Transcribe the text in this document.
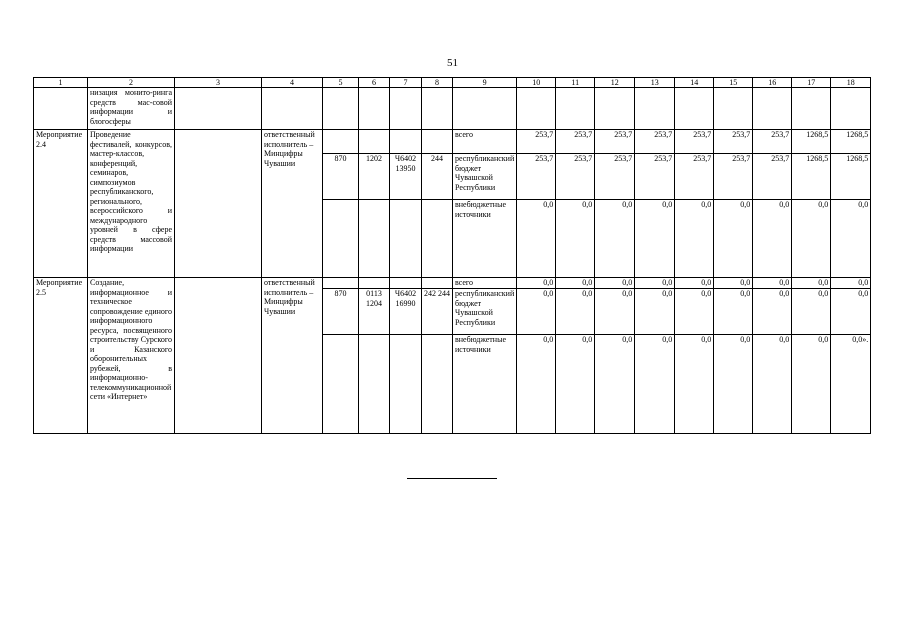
51
1	2	3	4	5	6	7	8	9	10	11	12	13	14	15	16	17	18
	низация монито-ринга средств мас-совой информации и блогосферы																
Мероприятие 2.4	Проведение фестивалей, конкурсов, мастер-классов, конференций, семинаров, симпозиумов республиканского, регионального, всероссийского и международного уровней в сфере средств массовой информации		ответственный исполнитель – Минцифры Чувашии					всего	253,7	253,7	253,7	253,7	253,7	253,7	253,7	1268,5	1268,5
				870	1202	Ч6402 13950	244	республиканский бюджет Чувашской Республики	253,7	253,7	253,7	253,7	253,7	253,7	253,7	1268,5	1268,5
								внебюджетные источники	0,0	0,0	0,0	0,0	0,0	0,0	0,0	0,0	0,0
Мероприятие 2.5	Создание, информационное и техническое сопровождение единого информационного ресурса, посвященного строительству Сурского и Казанского оборонительных рубежей, в информационно-телекоммуникационной сети «Интернет»		ответственный исполнитель – Минцифры Чувашии					всего	0,0	0,0	0,0	0,0	0,0	0,0	0,0	0,0	0,0
				870	0113 1204	Ч6402 16990	242 244	республиканский бюджет Чувашской Республики	0,0	0,0	0,0	0,0	0,0	0,0	0,0	0,0	0,0
								внебюджетные источники	0,0	0,0	0,0	0,0	0,0	0,0	0,0	0,0	0,0».
